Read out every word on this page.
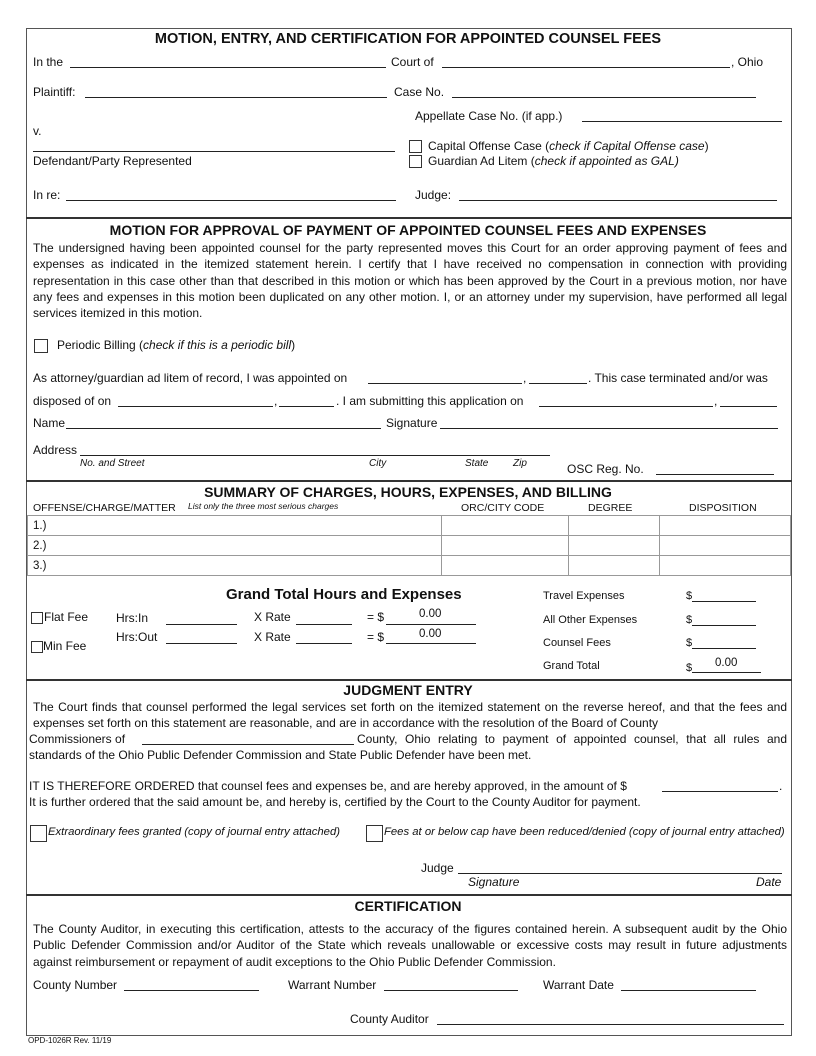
MOTION, ENTRY, AND CERTIFICATION FOR APPOINTED COUNSEL FEES
In the	Court of	, Ohio
Plaintiff:	Case No.
Appellate Case No. (if app.)
v.
Defendant/Party Represented
Capital Offense Case (check if Capital Offense case)
Guardian Ad Litem (check if appointed as GAL)
In re:	Judge:
MOTION FOR APPROVAL OF PAYMENT OF APPOINTED COUNSEL FEES AND EXPENSES
The undersigned having been appointed counsel for the party represented moves this Court for an order approving payment of fees and expenses as indicated in the itemized statement herein. I certify that I have received no compensation in connection with providing representation in this case other than that described in this motion or which has been approved by the Court in a previous motion, nor have any fees and expenses in this motion been duplicated on any other motion. I, or an attorney under my supervision, have performed all legal services itemized in this motion.
Periodic Billing (check if this is a periodic bill)
As attorney/guardian ad litem of record, I was appointed on	,	. This case terminated and/or was
disposed of on	,	. I am submitting this application on	,
Name	Signature
Address
No. and Street	City	State Zip	OSC Reg. No.
SUMMARY OF CHARGES, HOURS, EXPENSES, AND BILLING
OFFENSE/CHARGE/MATTER List only the three most serious charges	ORC/CITY CODE	DEGREE	DISPOSITION
1.)			
2.)			
3.)			
Grand Total Hours and Expenses
Flat Fee
Min Fee
Hrs:In	X Rate	= $	0.00
Hrs:Out	X Rate	= $	0.00
Travel Expenses	$
All Other Expenses	$
Counsel Fees	$
Grand Total	$ 0.00
JUDGMENT ENTRY
The Court finds that counsel performed the legal services set forth on the itemized statement on the reverse hereof, and that the fees and expenses set forth on this statement are reasonable, and are in accordance with the resolution of the Board of County
Commissioners of	County, Ohio relating to payment of appointed counsel, that all rules and
standards of the Ohio Public Defender Commission and State Public Defender have been met.
IT IS THEREFORE ORDERED that counsel fees and expenses be, and are hereby approved, in the amount of $	.
It is further ordered that the said amount be, and hereby is, certified by the Court to the County Auditor for payment.
Extraordinary fees granted (copy of journal entry attached)	Fees at or below cap have been reduced/denied (copy of journal entry attached)
Judge
Signature	Date
CERTIFICATION
The County Auditor, in executing this certification, attests to the accuracy of the figures contained herein. A subsequent audit by the Ohio Public Defender Commission and/or Auditor of the State which reveals unallowable or excessive costs may result in future adjustments against reimbursement or repayment of audit exceptions to the Ohio Public Defender Commission.
County Number	Warrant Number	Warrant Date
County Auditor
OPD-1026R Rev. 11/19
